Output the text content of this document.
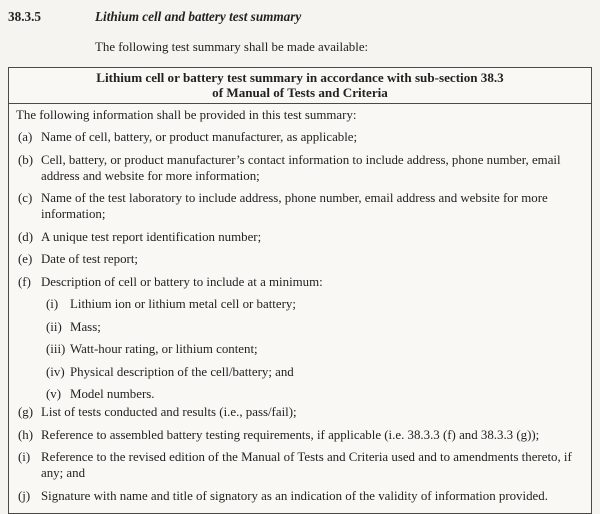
38.3.5	Lithium cell and battery test summary
The following test summary shall be made available:
Lithium cell or battery test summary in accordance with sub-section 38.3
of Manual of Tests and Criteria
The following information shall be provided in this test summary:
(a) Name of cell, battery, or product manufacturer, as applicable;
(b) Cell, battery, or product manufacturer’s contact information to include address, phone number, email address and website for more information;
(c) Name of the test laboratory to include address, phone number, email address and website for more information;
(d) A unique test report identification number;
(e) Date of test report;
(f) Description of cell or battery to include at a minimum:
(i) Lithium ion or lithium metal cell or battery;
(ii) Mass;
(iii) Watt-hour rating, or lithium content;
(iv) Physical description of the cell/battery; and
(v) Model numbers.
(g) List of tests conducted and results (i.e., pass/fail);
(h) Reference to assembled battery testing requirements, if applicable (i.e. 38.3.3 (f) and 38.3.3 (g));
(i) Reference to the revised edition of the Manual of Tests and Criteria used and to amendments thereto, if any; and
(j) Signature with name and title of signatory as an indication of the validity of information provided.
